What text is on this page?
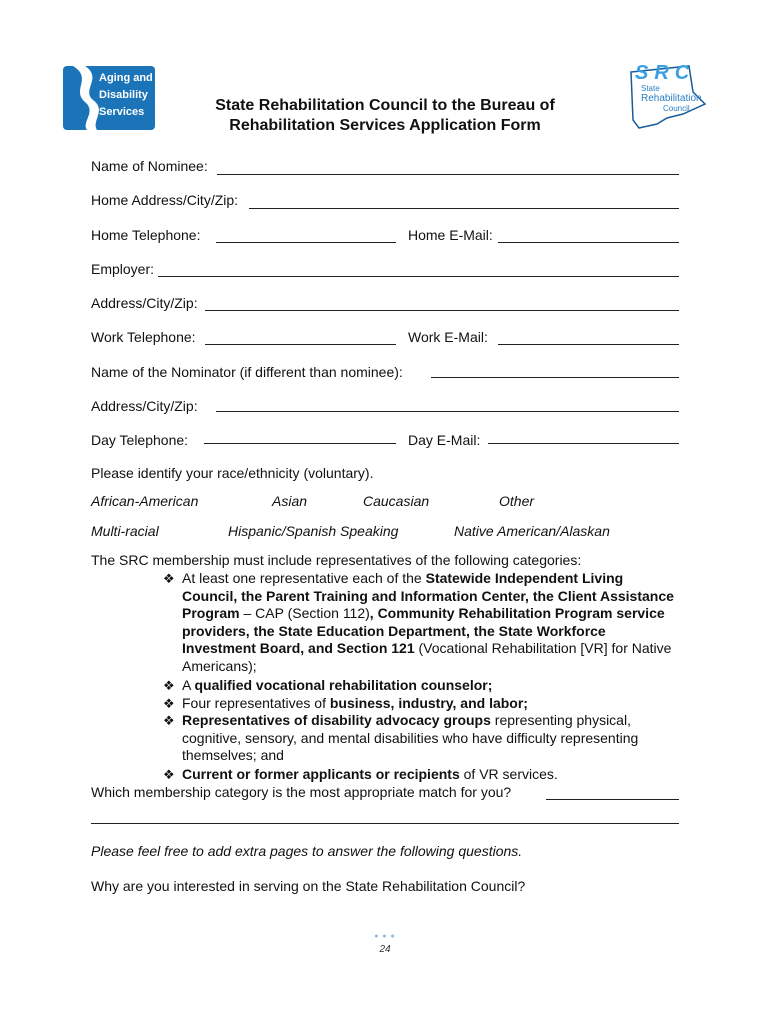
Aging and
Disability
Services
SRC
State
Rehabilitation
Council
State Rehabilitation Council to the Bureau of
Rehabilitation Services Application Form
Name of Nominee:
Home Address/City/Zip:
Home Telephone:	Home E-Mail:
Employer:
Address/City/Zip:
Work Telephone:	Work E-Mail:
Name of the Nominator (if different than nominee):
Address/City/Zip:
Day Telephone:	Day E-Mail:
Please identify your race/ethnicity (voluntary).
African-American	Asian	Caucasian	Other
Multi-racial	Hispanic/Spanish Speaking	Native American/Alaskan
The SRC membership must include representatives of the following categories:
❖ At least one representative each of the Statewide Independent Living Council, the Parent Training and Information Center, the Client Assistance Program – CAP (Section 112), Community Rehabilitation Program service providers, the State Education Department, the State Workforce Investment Board, and Section 121 (Vocational Rehabilitation [VR] for Native Americans);
❖ A qualified vocational rehabilitation counselor;
❖ Four representatives of business, industry, and labor;
❖ Representatives of disability advocacy groups representing physical, cognitive, sensory, and mental disabilities who have difficulty representing themselves; and
❖ Current or former applicants or recipients of VR services.
Which membership category is the most appropriate match for you?
Please feel free to add extra pages to answer the following questions.
Why are you interested in serving on the State Rehabilitation Council?
● ● ●
24
